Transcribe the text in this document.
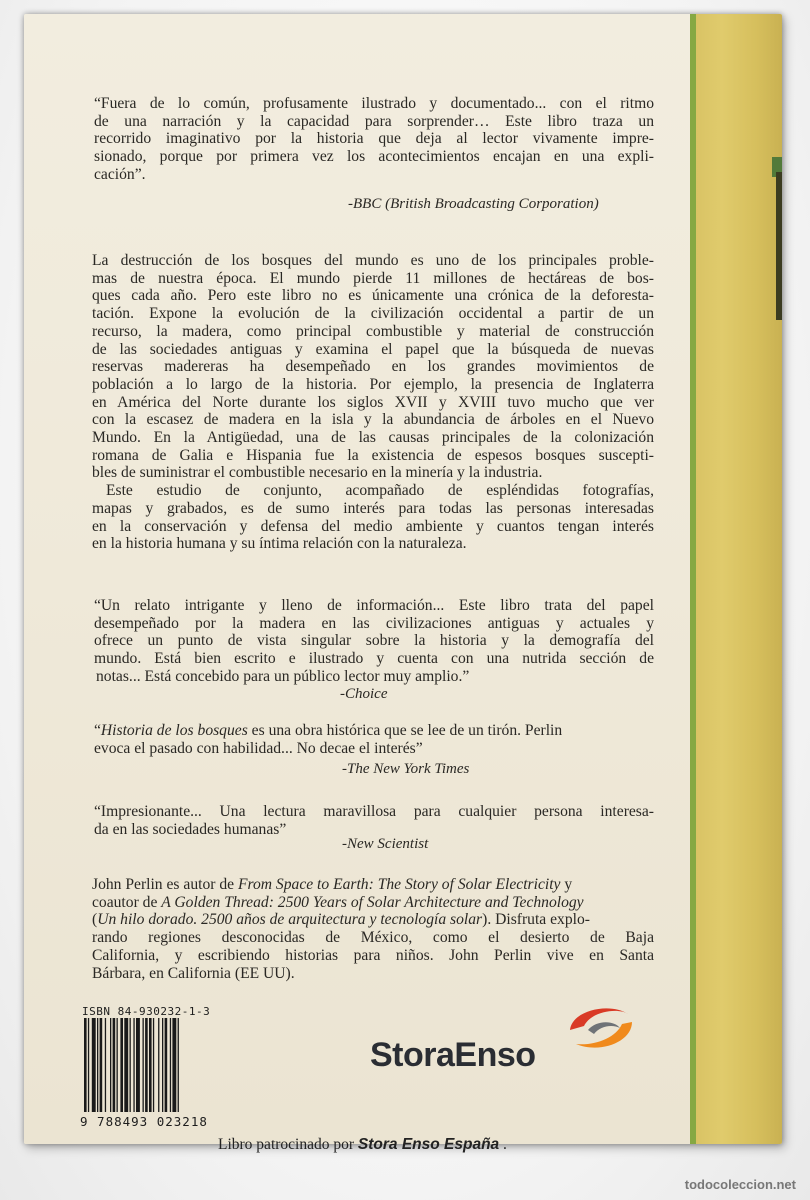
“Fuera de lo común, profusamente ilustrado y documentado... con el ritmo
de una narración y la capacidad para sorprender… Este libro traza un
recorrido imaginativo por la historia que deja al lector vivamente impre-
sionado, porque por primera vez los acontecimientos encajan en una expli-
cación”.
-BBC (British Broadcasting Corporation)
La destrucción de los bosques del mundo es uno de los principales proble-
mas de nuestra época. El mundo pierde 11 millones de hectáreas de bos-
ques cada año. Pero este libro no es únicamente una crónica de la deforesta-
tación. Expone la evolución de la civilización occidental a partir de un
recurso, la madera, como principal combustible y material de construcción
de las sociedades antiguas y examina el papel que la búsqueda de nuevas
reservas madereras ha desempeñado en los grandes movimientos de
población a lo largo de la historia. Por ejemplo, la presencia de Inglaterra
en América del Norte durante los siglos XVII y XVIII tuvo mucho que ver
con la escasez de madera en la isla y la abundancia de árboles en el Nuevo
Mundo. En la Antigüedad, una de las causas principales de la colonización
romana de Galia e Hispania fue la existencia de espesos bosques suscepti-
bles de suministrar el combustible necesario en la minería y la industria.
Este estudio de conjunto, acompañado de espléndidas fotografías,
mapas y grabados, es de sumo interés para todas las personas interesadas
en la conservación y defensa del medio ambiente y cuantos tengan interés
en la historia humana y su íntima relación con la naturaleza.
“Un relato intrigante y lleno de información... Este libro trata del papel
desempeñado por la madera en las civilizaciones antiguas y actuales y
ofrece un punto de vista singular sobre la historia y la demografía del
mundo. Está bien escrito e ilustrado y cuenta con una nutrida sección de
notas... Está concebido para un público lector muy amplio.”
-Choice
“Historia de los bosques es una obra histórica que se lee de un tirón. Perlin
evoca el pasado con habilidad... No decae el interés”
-The New York Times
“Impresionante... Una lectura maravillosa para cualquier persona interesa-
da en las sociedades humanas”
-New Scientist
John Perlin es autor de From Space to Earth: The Story of Solar Electricity y
coautor de A Golden Thread: 2500 Years of Solar Architecture and Technology
(Un hilo dorado. 2500 años de arquitectura y tecnología solar). Disfruta explo-
rando regiones desconocidas de México, como el desierto de Baja
California, y escribiendo historias para niños. John Perlin vive en Santa
Bárbara, en California (EE UU).
ISBN 84-930232-1-3
9 788493 023218
StoraEnso
Libro patrocinado por Stora Enso España .
todocoleccion.net
